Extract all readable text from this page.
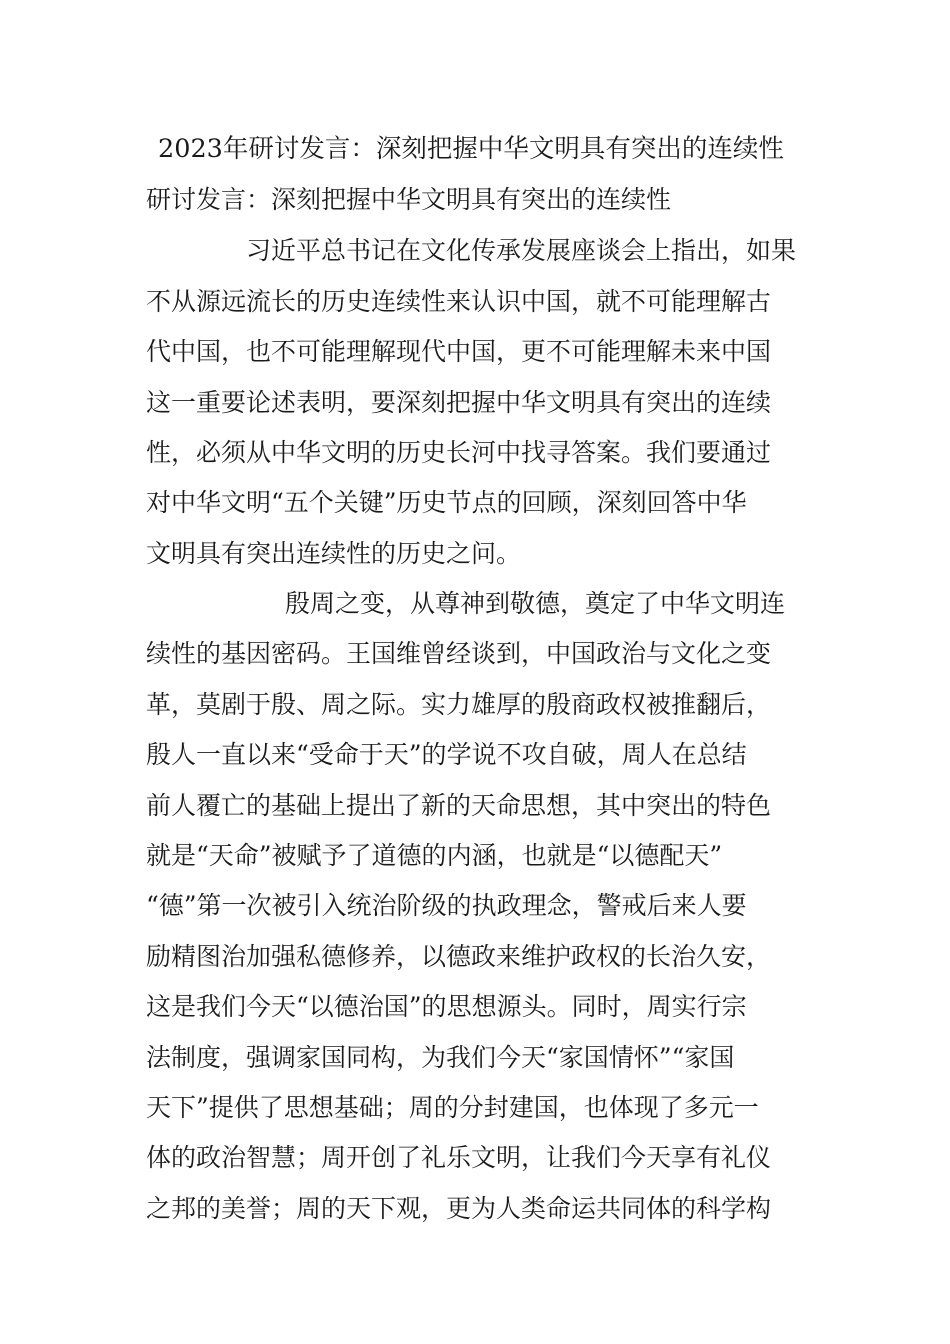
2023年研讨发言：深刻把握中华文明具有突出的连续性
研讨发言：深刻把握中华文明具有突出的连续性
习近平总书记在文化传承发展座谈会上指出，如果
不从源远流长的历史连续性来认识中国，就不可能理解古
代中国，也不可能理解现代中国，更不可能理解未来中国
这一重要论述表明，要深刻把握中华文明具有突出的连续
性，必须从中华文明的历史长河中找寻答案。我们要通过
对中华文明“五个关键”历史节点的回顾，深刻回答中华
文明具有突出连续性的历史之问。
殷周之变，从尊神到敬德，奠定了中华文明连
续性的基因密码。王国维曾经谈到，中国政治与文化之变
革，莫剧于殷、周之际。实力雄厚的殷商政权被推翻后，
殷人一直以来“受命于天”的学说不攻自破，周人在总结
前人覆亡的基础上提出了新的天命思想，其中突出的特色
就是“天命”被赋予了道德的内涵，也就是“以德配天”
“德”第一次被引入统治阶级的执政理念，警戒后来人要
励精图治加强私德修养，以德政来维护政权的长治久安，
这是我们今天“以德治国”的思想源头。同时，周实行宗
法制度，强调家国同构，为我们今天“家国情怀”“家国
天下”提供了思想基础；周的分封建国，也体现了多元一
体的政治智慧；周开创了礼乐文明，让我们今天享有礼仪
之邦的美誉；周的天下观，更为人类命运共同体的科学构
